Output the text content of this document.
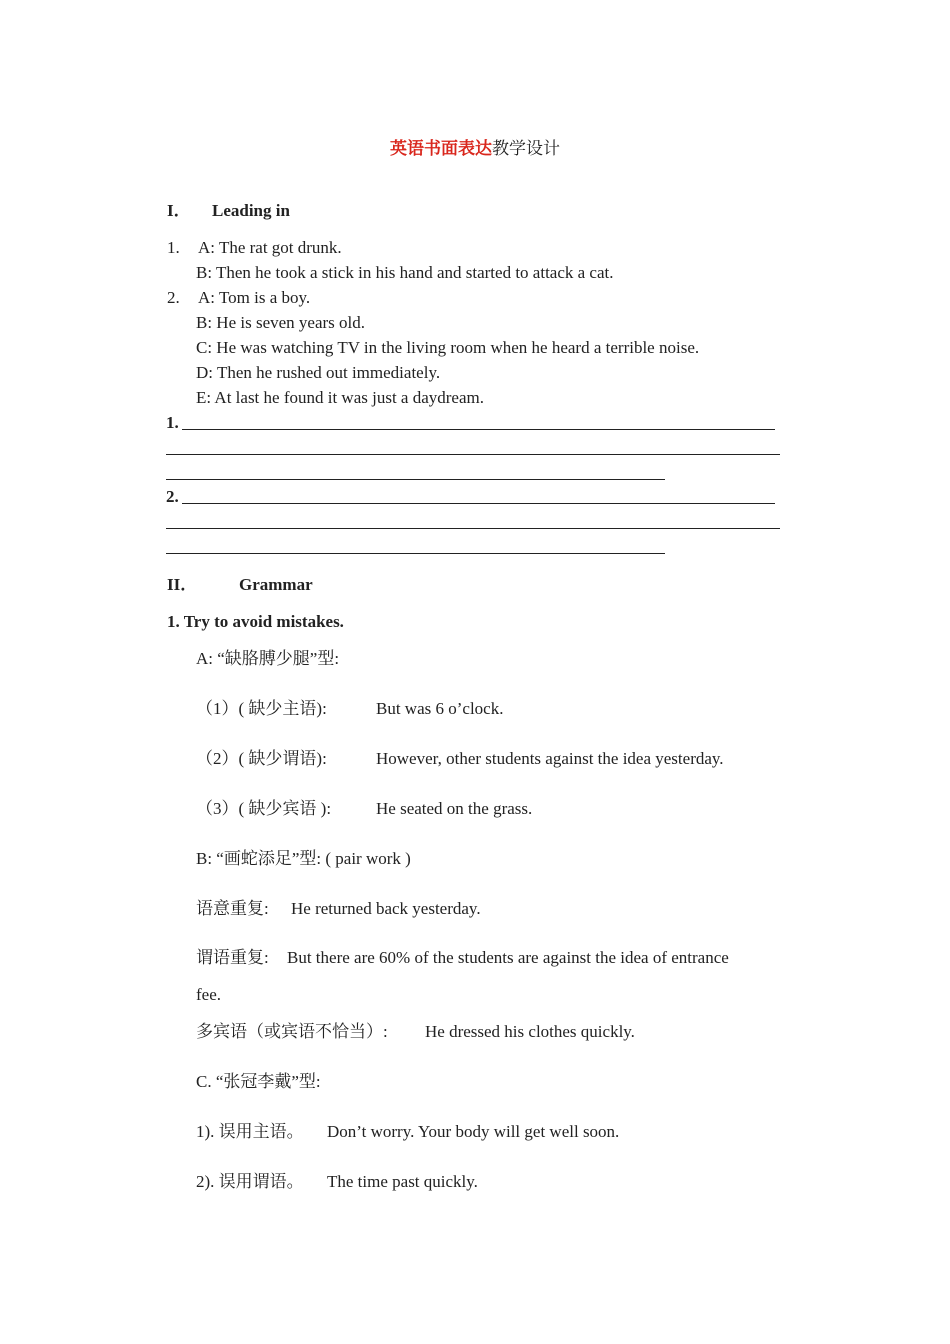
英语书面表达教学设计
I． Leading in
1. A: The rat got drunk.
B: Then he took a stick in his hand and started to attack a cat.
2. A: Tom is a boy.
B: He is seven years old.
C: He was watching TV in the living room when he heard a terrible noise.
D: Then he rushed out immediately.
E: At last he found it was just a daydream.
1.
2.
II． Grammar
1. Try to avoid mistakes.
A: “缺胳膊少腿”型:
（1）( 缺少主语):	But was 6 o’clock.
（2）( 缺少谓语):	However, other students against the idea yesterday.
（3）( 缺少宾语 ):	He seated on the grass.
B: “画蛇添足”型: ( pair work )
语意重复: He returned back yesterday.
谓语重复: But there are 60% of the students are against the idea of entrance
fee.
多宾语（或宾语不恰当）: He dressed his clothes quickly.
C. “张冠李戴”型:
1). 误用主语。 Don’t worry. Your body will get well soon.
2). 误用谓语。 The time past quickly.
